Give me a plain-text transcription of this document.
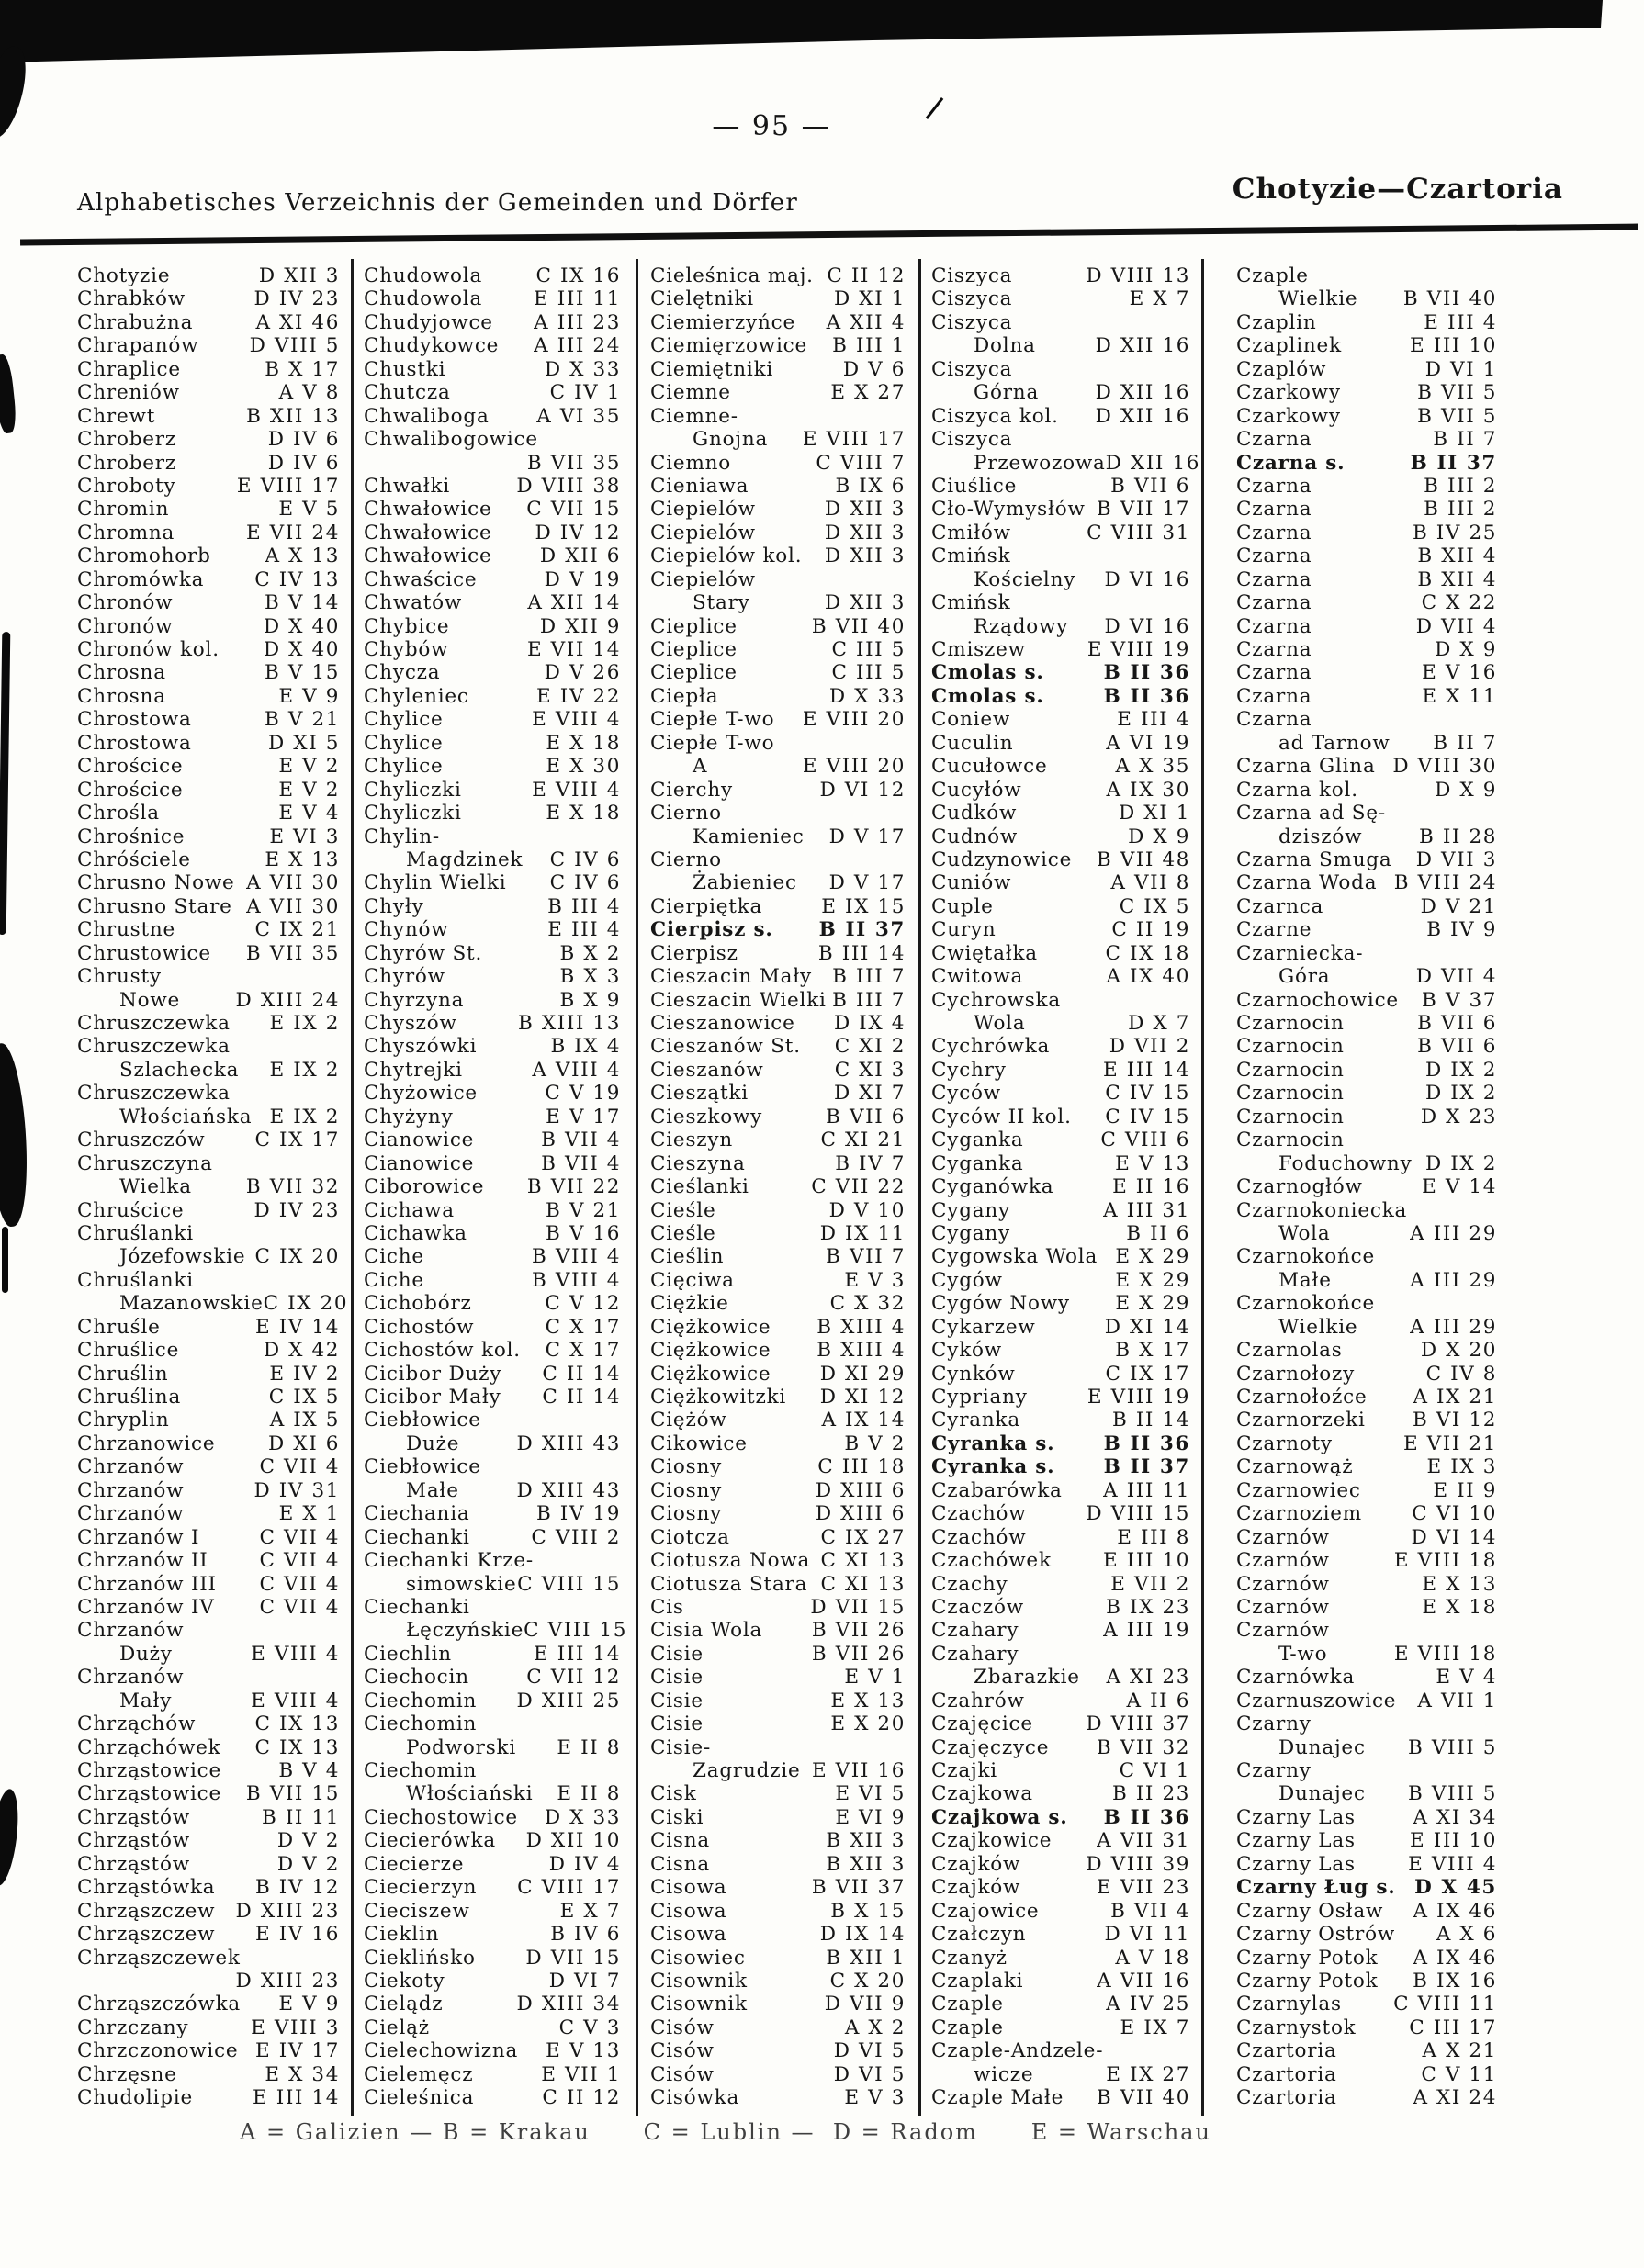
— 95 —
Alphabetisches Verzeichnis der Gemeinden und Dörfer	Chotyzie—Czartoria
Chotyzie	D XII 3
Chrabków	D IV 23
Chrabużna	A XI 46
Chrapanów	D VIII 5
Chraplice	B X 17
Chreniów	A V 8
Chrewt	B XII 13
Chroberz	D IV 6
Chroberz	D IV 6
Chroboty	E VIII 17
Chromin	E V 5
Chromna	E VII 24
Chromohorb	A X 13
Chromówka	C IV 13
Chronów	B V 14
Chronów	D X 40
Chronów kol. D X 40
Chrosna	B V 15
Chrosna	E V 9
Chrostowa	B V 21
Chrostowa	D XI 5
Chrościce	E V 2
Chrościce	E V 2
Chrośla	E V 4
Chrośnice	E VI 3
Chróściele	E X 13
Chrusno Nowe A VII 30
Chrusno Stare A VII 30
Chrustne	C IX 21
Chrustowice B VII 35
Chrusty
Nowe	D XIII 24
Chruszczewka E IX 2
Chruszczewka
Szlachecka E IX 2
Chruszczewka
Włościańska E IX 2
Chruszczów	C IX 17
Chruszczyna
Wielka	B VII 32
Chruścice	D IV 23
Chruślanki
Józefowskie C IX 20
Chruślanki
Mazanowskie C IX 20
Chruśle	E IV 14
Chruślice	D X 42
Chruślin	E IV 2
Chruślina	C IX 5
Chryplin	A IX 5
Chrzanowice	D XI 6
Chrzanów	C VII 4
Chrzanów	D IV 31
Chrzanów	E X 1
Chrzanów I	C VII 4
Chrzanów II	C VII 4
Chrzanów III C VII 4
Chrzanów IV C VII 4
Chrzanów
Duży	E VIII 4
Chrzanów
Mały	E VIII 4
Chrząchów	C IX 13
Chrząchówek C IX 13
Chrząstowice	B V 4
Chrząstowice B VII 15
Chrząstów	B II 11
Chrząstów	D V 2
Chrząstów	D V 2
Chrząstówka B IV 12
Chrząszczew D XIII 23
Chrząszczew E IV 16
Chrząszczewek
D XIII 23
Chrząszczówka E V 9
Chrzczany	E VIII 3
Chrzczonowice E IV 17
Chrzęsne	E X 34
Chudolipie	E III 14
Chudowola	C IX 16
Chudowola	E III 11
Chudyjowce A III 23
Chudykowce A III 24
Chustki	D X 33
Chutcza	C IV 1
Chwaliboga A VI 35
Chwalibogowice
B VII 35
Chwałki	D VIII 38
Chwałowice C VII 15
Chwałowice D IV 12
Chwałowice D XII 6
Chwaścice	D V 19
Chwatów	A XII 14
Chybice	D XII 9
Chybów	E VII 14
Chycza	D V 26
Chyleniec	E IV 22
Chylice	E VIII 4
Chylice	E X 18
Chylice	E X 30
Chyliczki	E VIII 4
Chyliczki	E X 18
Chylin-
Magdzinek C IV 6
Chylin Wielki C IV 6
Chyły	B III 4
Chynów	E III 4
Chyrów St.	B X 2
Chyrów	B X 3
Chyrzyna	B X 9
Chyszów	B XIII 13
Chyszówki	B IX 4
Chytrejki	A VIII 4
Chyżowice	C V 19
Chyżyny	E V 17
Cianowice	B VII 4
Cianowice	B VII 4
Ciborowice B VII 22
Cichawa	B V 21
Cichawka	B V 16
Ciche	B VIII 4
Ciche	B VIII 4
Cichobórz	C V 12
Cichostów	C X 17
Cichostów kol. C X 17
Cicibor Duży C II 14
Cicibor Mały C II 14
Ciebłowice
Duże	D XIII 43
Ciebłowice
Małe	D XIII 43
Ciechania	B IV 19
Ciechanki	C VIII 2
Ciechanki Krze-
simowskie C VIII 15
Ciechanki
Łęczyńskie C VIII 15
Ciechlin	E III 14
Ciechocin	C VII 12
Ciechomin D XIII 25
Ciechomin
Podworski E II 8
Ciechomin
Włościański E II 8
Ciechostowice D X 33
Ciecierówka D XII 10
Ciecierze	D IV 4
Ciecierzyn C VIII 17
Cieciszew	E X 7
Cieklin	B IV 6
Cieklińsko	D VII 15
Ciekoty	D VI 7
Cielądz	D XIII 34
Cieląż	C V 3
Cielechowizna E V 13
Cielemęcz	E VII 1
Cieleśnica	C II 12
Cieleśnica maj. C II 12
Cielętniki	D XI 1
Ciemierzyńce A XII 4
Ciemięrzowice B III 1
Ciemiętniki	D V 6
Ciemne	E X 27
Ciemne-
Gnojna E VIII 17
Ciemno	C VIII 7
Cieniawa	B IX 6
Ciepielów	D XII 3
Ciepielów	D XII 3
Ciepielów kol. D XII 3
Ciepielów
Stary	D XII 3
Cieplice	B VII 40
Cieplice	C III 5
Cieplice	C III 5
Ciepła	D X 33
Ciepłe T-wo E VIII 20
Ciepłe T-wo
A	E VIII 20
Cierchy	D VI 12
Cierno
Kamieniec D V 17
Cierno
Żabieniec D V 17
Cierpiętka	E IX 15
Cierpisz s. B II 37
Cierpisz	B III 14
Cieszacin Mały B III 7
Cieszacin Wielki B III 7
Cieszanowice D IX 4
Cieszanów St. C XI 2
Cieszanów	C XI 3
Cieszątki	D XI 7
Cieszkowy	B VII 6
Cieszyn	C XI 21
Cieszyna	B IV 7
Cieślanki	C VII 22
Cieśle	D V 10
Cieśle	D IX 11
Cieślin	B VII 7
Cięciwa	E V 3
Ciężkie	C X 32
Ciężkowice B XIII 4
Ciężkowice B XIII 4
Ciężkowice D XI 29
Ciężkowitzki D XI 12
Ciężów	A IX 14
Cikowice	B V 2
Ciosny	C III 18
Ciosny	D XIII 6
Ciosny	D XIII 6
Ciotcza	C IX 27
Ciotusza Nowa C XI 13
Ciotusza Stara C XI 13
Cis	D VII 15
Cisia Wola B VII 26
Cisie	B VII 26
Cisie	E V 1
Cisie	E X 13
Cisie	E X 20
Cisie-
Zagrudzie E VII 16
Cisk	E VI 5
Ciski	E VI 9
Cisna	B XII 3
Cisna	B XII 3
Cisowa	B VII 37
Cisowa	B X 15
Cisowa	D IX 14
Cisowiec	B XII 1
Cisownik	C X 20
Cisownik	D VII 9
Cisów	A X 2
Cisów	D VI 5
Cisów	D VI 5
Cisówka	E V 3
Ciszyca	D VIII 13
Ciszyca	E X 7
Ciszyca
Dolna	D XII 16
Ciszyca
Górna	D XII 16
Ciszyca kol. D XII 16
Ciszyca
Przewozowa D XII 16
Ciuślice	B VII 6
Cło-Wymysłów B VII 17
Cmiłów	C VIII 31
Cmińsk
Kościelny D VI 16
Cmińsk
Rządowy D VI 16
Cmiszew	E VIII 19
Cmolas s.	B II 36
Cmolas s.	B II 36
Coniew	E III 4
Cuculin	A VI 19
Cucułowce	A X 35
Cucyłów	A IX 30
Cudków	D XI 1
Cudnów	D X 9
Cudzynowice B VII 48
Cuniów	A VII 8
Cuple	C IX 5
Curyn	C II 19
Cwiętałka	C IX 18
Cwitowa	A IX 40
Cychrowska
Wola	D X 7
Cychrówka	D VII 2
Cychry	E III 14
Cyców	C IV 15
Cyców II kol. C IV 15
Cyganka	C VIII 6
Cyganka	E V 13
Cyganówka	E II 16
Cygany	A III 31
Cygany	B II 6
Cygowska Wola E X 29
Cygów	E X 29
Cygów Nowy E X 29
Cykarzew	D XI 14
Cyków	B X 17
Cynków	C IX 17
Cypriany	E VIII 19
Cyranka	B II 14
Cyranka s. B II 36
Cyranka s. B II 37
Czabarówka A III 11
Czachów	D VIII 15
Czachów	E III 8
Czachówek	E III 10
Czachy	E VII 2
Czaczów	B IX 23
Czahary	A III 19
Czahary
Zbarazkie A XI 23
Czahrów	A II 6
Czajęcice	D VIII 37
Czajęczyce B VII 32
Czajki	C VI 1
Czajkowa	B II 23
Czajkowa s. B II 36
Czajkowice A VII 31
Czajków	D VIII 39
Czajków	E VII 23
Czajowice	B VII 4
Czałczyn	D VI 11
Czanyż	A V 18
Czaplaki	A VII 16
Czaple	A IV 25
Czaple	E IX 7
Czaple-Andzele-
wicze	E IX 27
Czaple Małe B VII 40
Czaple
Wielkie B VII 40
Czaplin	E III 4
Czaplinek	E III 10
Czaplów	D VI 1
Czarkowy	B VII 5
Czarkowy	B VII 5
Czarna	B II 7
Czarna s.	B II 37
Czarna	B III 2
Czarna	B III 2
Czarna	B IV 25
Czarna	B XII 4
Czarna	B XII 4
Czarna	C X 22
Czarna	D VII 4
Czarna	D X 9
Czarna	E V 16
Czarna	E X 11
Czarna
ad Tarnow B II 7
Czarna Glina D VIII 30
Czarna kol.	D X 9
Czarna ad Sę-
dziszów	B II 28
Czarna Smuga D VII 3
Czarna Woda B VIII 24
Czarnca	D V 21
Czarne	B IV 9
Czarniecka-
Góra	D VII 4
Czarnochowice B V 37
Czarnocin	B VII 6
Czarnocin	B VII 6
Czarnocin	D IX 2
Czarnocin	D IX 2
Czarnocin	D X 23
Czarnocin
Foduchowny D IX 2
Czarnogłów	E V 14
Czarnokoniecka
Wola	A III 29
Czarnokońce
Małe	A III 29
Czarnokońce
Wielkie	A III 29
Czarnolas	D X 20
Czarnołozy	C IV 8
Czarnołoźce A IX 21
Czarnorzeki B VI 12
Czarnoty	E VII 21
Czarnowąż	E IX 3
Czarnowiec	E II 9
Czarnoziem	C VI 10
Czarnów	D VI 14
Czarnów	E VIII 18
Czarnów	E X 13
Czarnów	E X 18
Czarnów
T-wo	E VIII 18
Czarnówka	E V 4
Czarnuszowice A VII 1
Czarny
Dunajec B VIII 5
Czarny
Dunajec B VIII 5
Czarny Las	A XI 34
Czarny Las	E III 10
Czarny Las	E VIII 4
Czarny Ług s. D X 45
Czarny Osław A IX 46
Czarny Ostrów A X 6
Czarny Potok A IX 46
Czarny Potok B IX 16
Czarnylas	C VIII 11
Czarnystok	C III 17
Czartoria	A X 21
Czartoria	C V 11
Czartoria	A XI 24
A = Galizien — B = Krakau      C = Lublin —  D = Radom      E = Warschau
